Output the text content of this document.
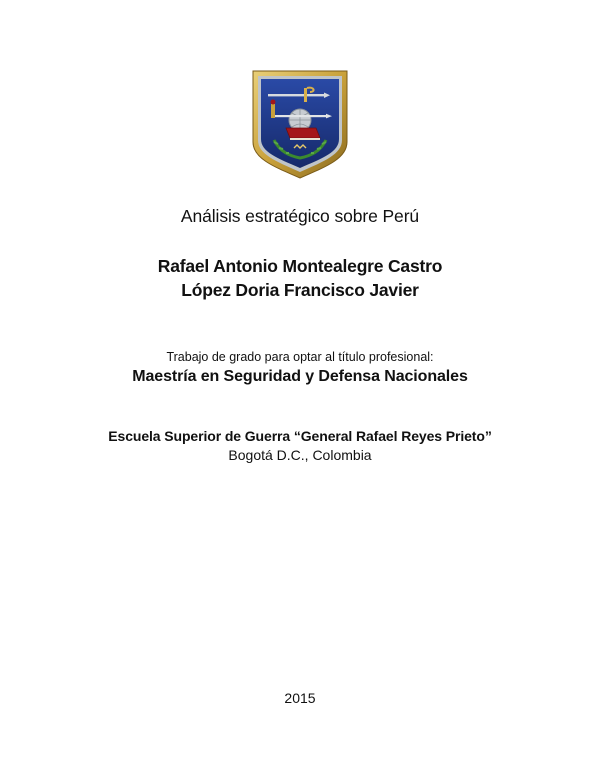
Análisis estratégico sobre Perú
Rafael Antonio Montealegre Castro
López Doria Francisco Javier
Trabajo de grado para optar al título profesional:
Maestría en Seguridad y Defensa Nacionales
Escuela Superior de Guerra “General Rafael Reyes Prieto”
Bogotá D.C., Colombia
2015
